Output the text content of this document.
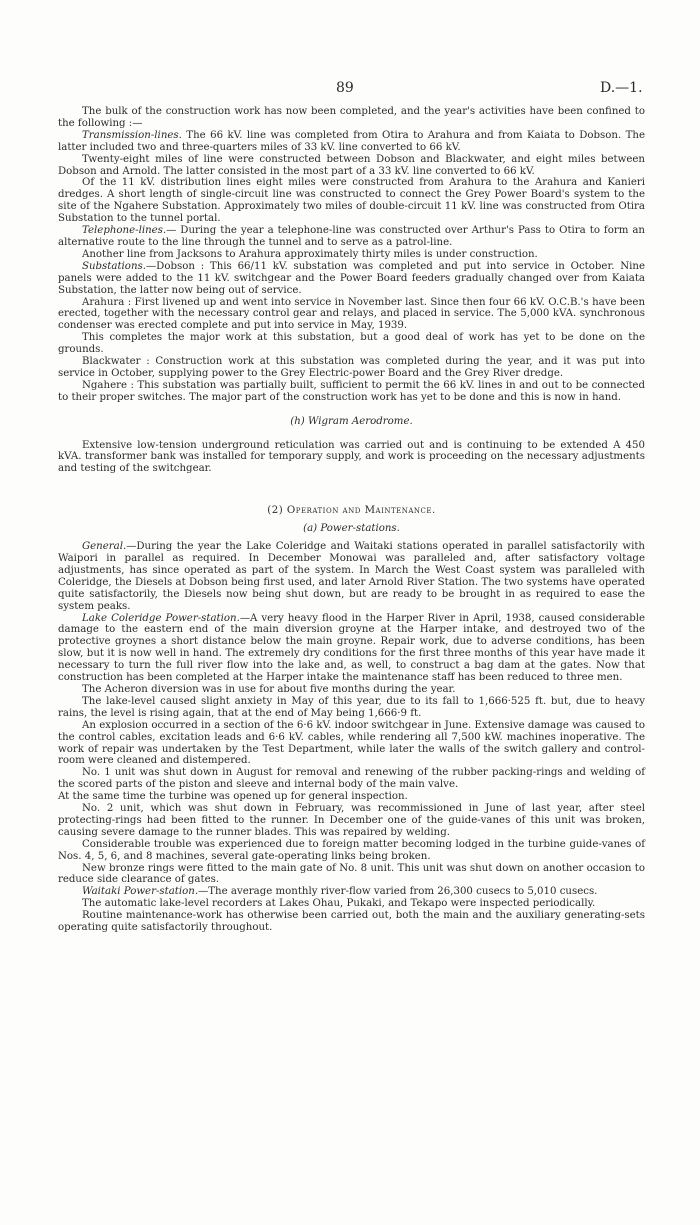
89	D.—1.

The bulk of the construction work has now been completed, and the year's activities have been confined to the following :—

Transmission-lines. The 66 kV. line was completed from Otira to Arahura and from Kaiata to Dobson. The latter included two and three-quarters miles of 33 kV. line converted to 66 kV.

Twenty-eight miles of line were constructed between Dobson and Blackwater, and eight miles between Dobson and Arnold. The latter consisted in the most part of a 33 kV. line converted to 66 kV.

Of the 11 kV. distribution lines eight miles were constructed from Arahura to the Arahura and Kanieri dredges. A short length of single-circuit line was constructed to connect the Grey Power Board's system to the site of the Ngahere Substation. Approximately two miles of double-circuit 11 kV. line was constructed from Otira Substation to the tunnel portal.

Telephone-lines.— During the year a telephone-line was constructed over Arthur's Pass to Otira to form an alternative route to the line through the tunnel and to serve as a patrol-line.

Another line from Jacksons to Arahura approximately thirty miles is under construction.

Substations.—Dobson : This 66/11 kV. substation was completed and put into service in October. Nine panels were added to the 11 kV. switchgear and the Power Board feeders gradually changed over from Kaiata Substation, the latter now being out of service.

Arahura : First livened up and went into service in November last. Since then four 66 kV. O.C.B.'s have been erected, together with the necessary control gear and relays, and placed in service. The 5,000 kVA. synchronous condenser was erected complete and put into service in May, 1939.

This completes the major work at this substation, but a good deal of work has yet to be done on the grounds.

Blackwater : Construction work at this substation was completed during the year, and it was put into service in October, supplying power to the Grey Electric-power Board and the Grey River dredge.

Ngahere : This substation was partially built, sufficient to permit the 66 kV. lines in and out to be connected to their proper switches. The major part of the construction work has yet to be done and this is now in hand.

(h) Wigram Aerodrome.

Extensive low-tension underground reticulation was carried out and is continuing to be extended A 450 kVA. transformer bank was installed for temporary supply, and work is proceeding on the necessary adjustments and testing of the switchgear.

(2) Operation and Maintenance.

(a) Power-stations.

General.—During the year the Lake Coleridge and Waitaki stations operated in parallel satisfactorily with Waipori in parallel as required. In December Monowai was paralleled and, after satisfactory voltage adjustments, has since operated as part of the system. In March the West Coast system was paralleled with Coleridge, the Diesels at Dobson being first used, and later Arnold River Station. The two systems have operated quite satisfactorily, the Diesels now being shut down, but are ready to be brought in as required to ease the system peaks.

Lake Coleridge Power-station.—A very heavy flood in the Harper River in April, 1938, caused considerable damage to the eastern end of the main diversion groyne at the Harper intake, and destroyed two of the protective groynes a short distance below the main groyne. Repair work, due to adverse conditions, has been slow, but it is now well in hand. The extremely dry conditions for the first three months of this year have made it necessary to turn the full river flow into the lake and, as well, to construct a bag dam at the gates. Now that construction has been completed at the Harper intake the maintenance staff has been reduced to three men.

The Acheron diversion was in use for about five months during the year.

The lake-level caused slight anxiety in May of this year, due to its fall to 1,666·525 ft. but, due to heavy rains, the level is rising again, that at the end of May being 1,666·9 ft.

An explosion occurred in a section of the 6·6 kV. indoor switchgear in June. Extensive damage was caused to the control cables, excitation leads and 6·6 kV. cables, while rendering all 7,500 kW. machines inoperative. The work of repair was undertaken by the Test Department, while later the walls of the switch gallery and control-room were cleaned and distempered.

No. 1 unit was shut down in August for removal and renewing of the rubber packing-rings and welding of the scored parts of the piston and sleeve and internal body of the main valve.

At the same time the turbine was opened up for general inspection.

No. 2 unit, which was shut down in February, was recommissioned in June of last year, after steel protecting-rings had been fitted to the runner. In December one of the guide-vanes of this unit was broken, causing severe damage to the runner blades. This was repaired by welding.

Considerable trouble was experienced due to foreign matter becoming lodged in the turbine guide-vanes of Nos. 4, 5, 6, and 8 machines, several gate-operating links being broken.

New bronze rings were fitted to the main gate of No. 8 unit. This unit was shut down on another occasion to reduce side clearance of gates.

Waitaki Power-station.—The average monthly river-flow varied from 26,300 cusecs to 5,010 cusecs.

The automatic lake-level recorders at Lakes Ohau, Pukaki, and Tekapo were inspected periodically.

Routine maintenance-work has otherwise been carried out, both the main and the auxiliary generating-sets operating quite satisfactorily throughout.
